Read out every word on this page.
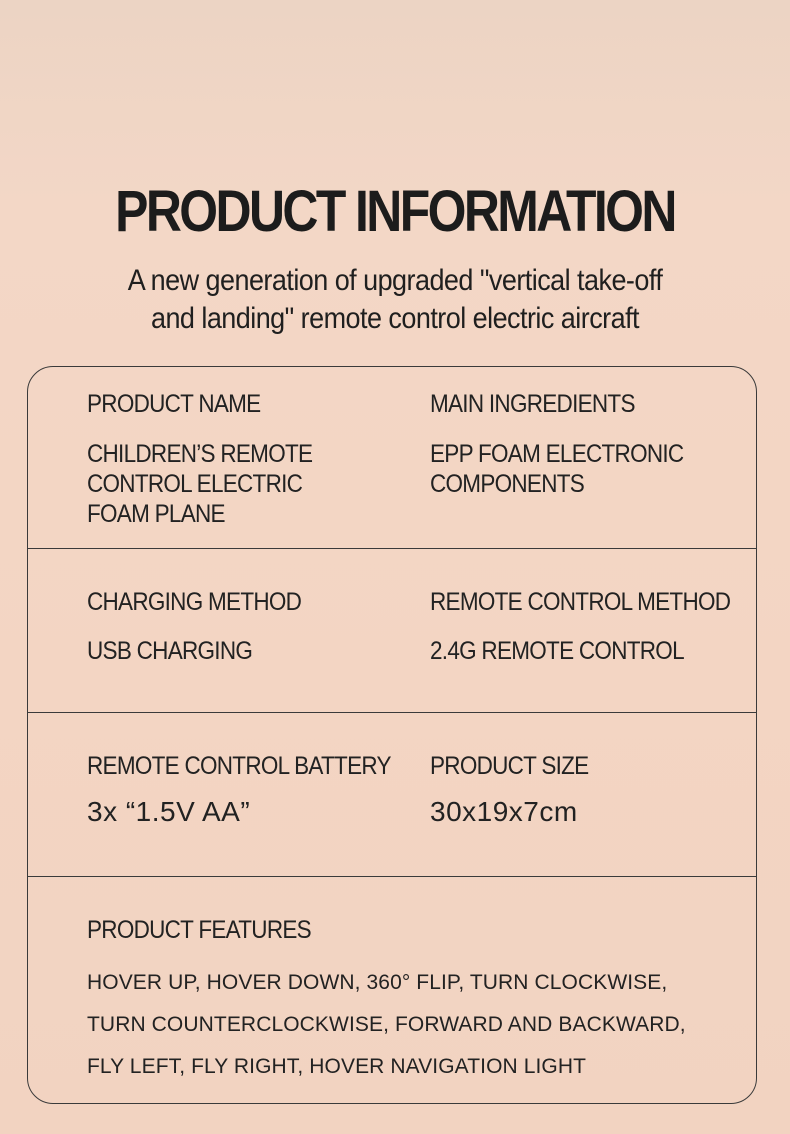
PRODUCT INFORMATION
A new generation of upgraded "vertical take-off
and landing" remote control electric aircraft
PRODUCT NAME
CHILDREN’S REMOTE
CONTROL ELECTRIC
FOAM PLANE
MAIN INGREDIENTS
EPP FOAM ELECTRONIC
COMPONENTS
CHARGING METHOD
USB CHARGING
REMOTE CONTROL METHOD
2.4G REMOTE CONTROL
REMOTE CONTROL BATTERY
3x “1.5V AA”
PRODUCT SIZE
30x19x7cm
PRODUCT FEATURES
HOVER UP, HOVER DOWN, 360° FLIP, TURN CLOCKWISE,
TURN COUNTERCLOCKWISE, FORWARD AND BACKWARD,
FLY LEFT, FLY RIGHT, HOVER NAVIGATION LIGHT
